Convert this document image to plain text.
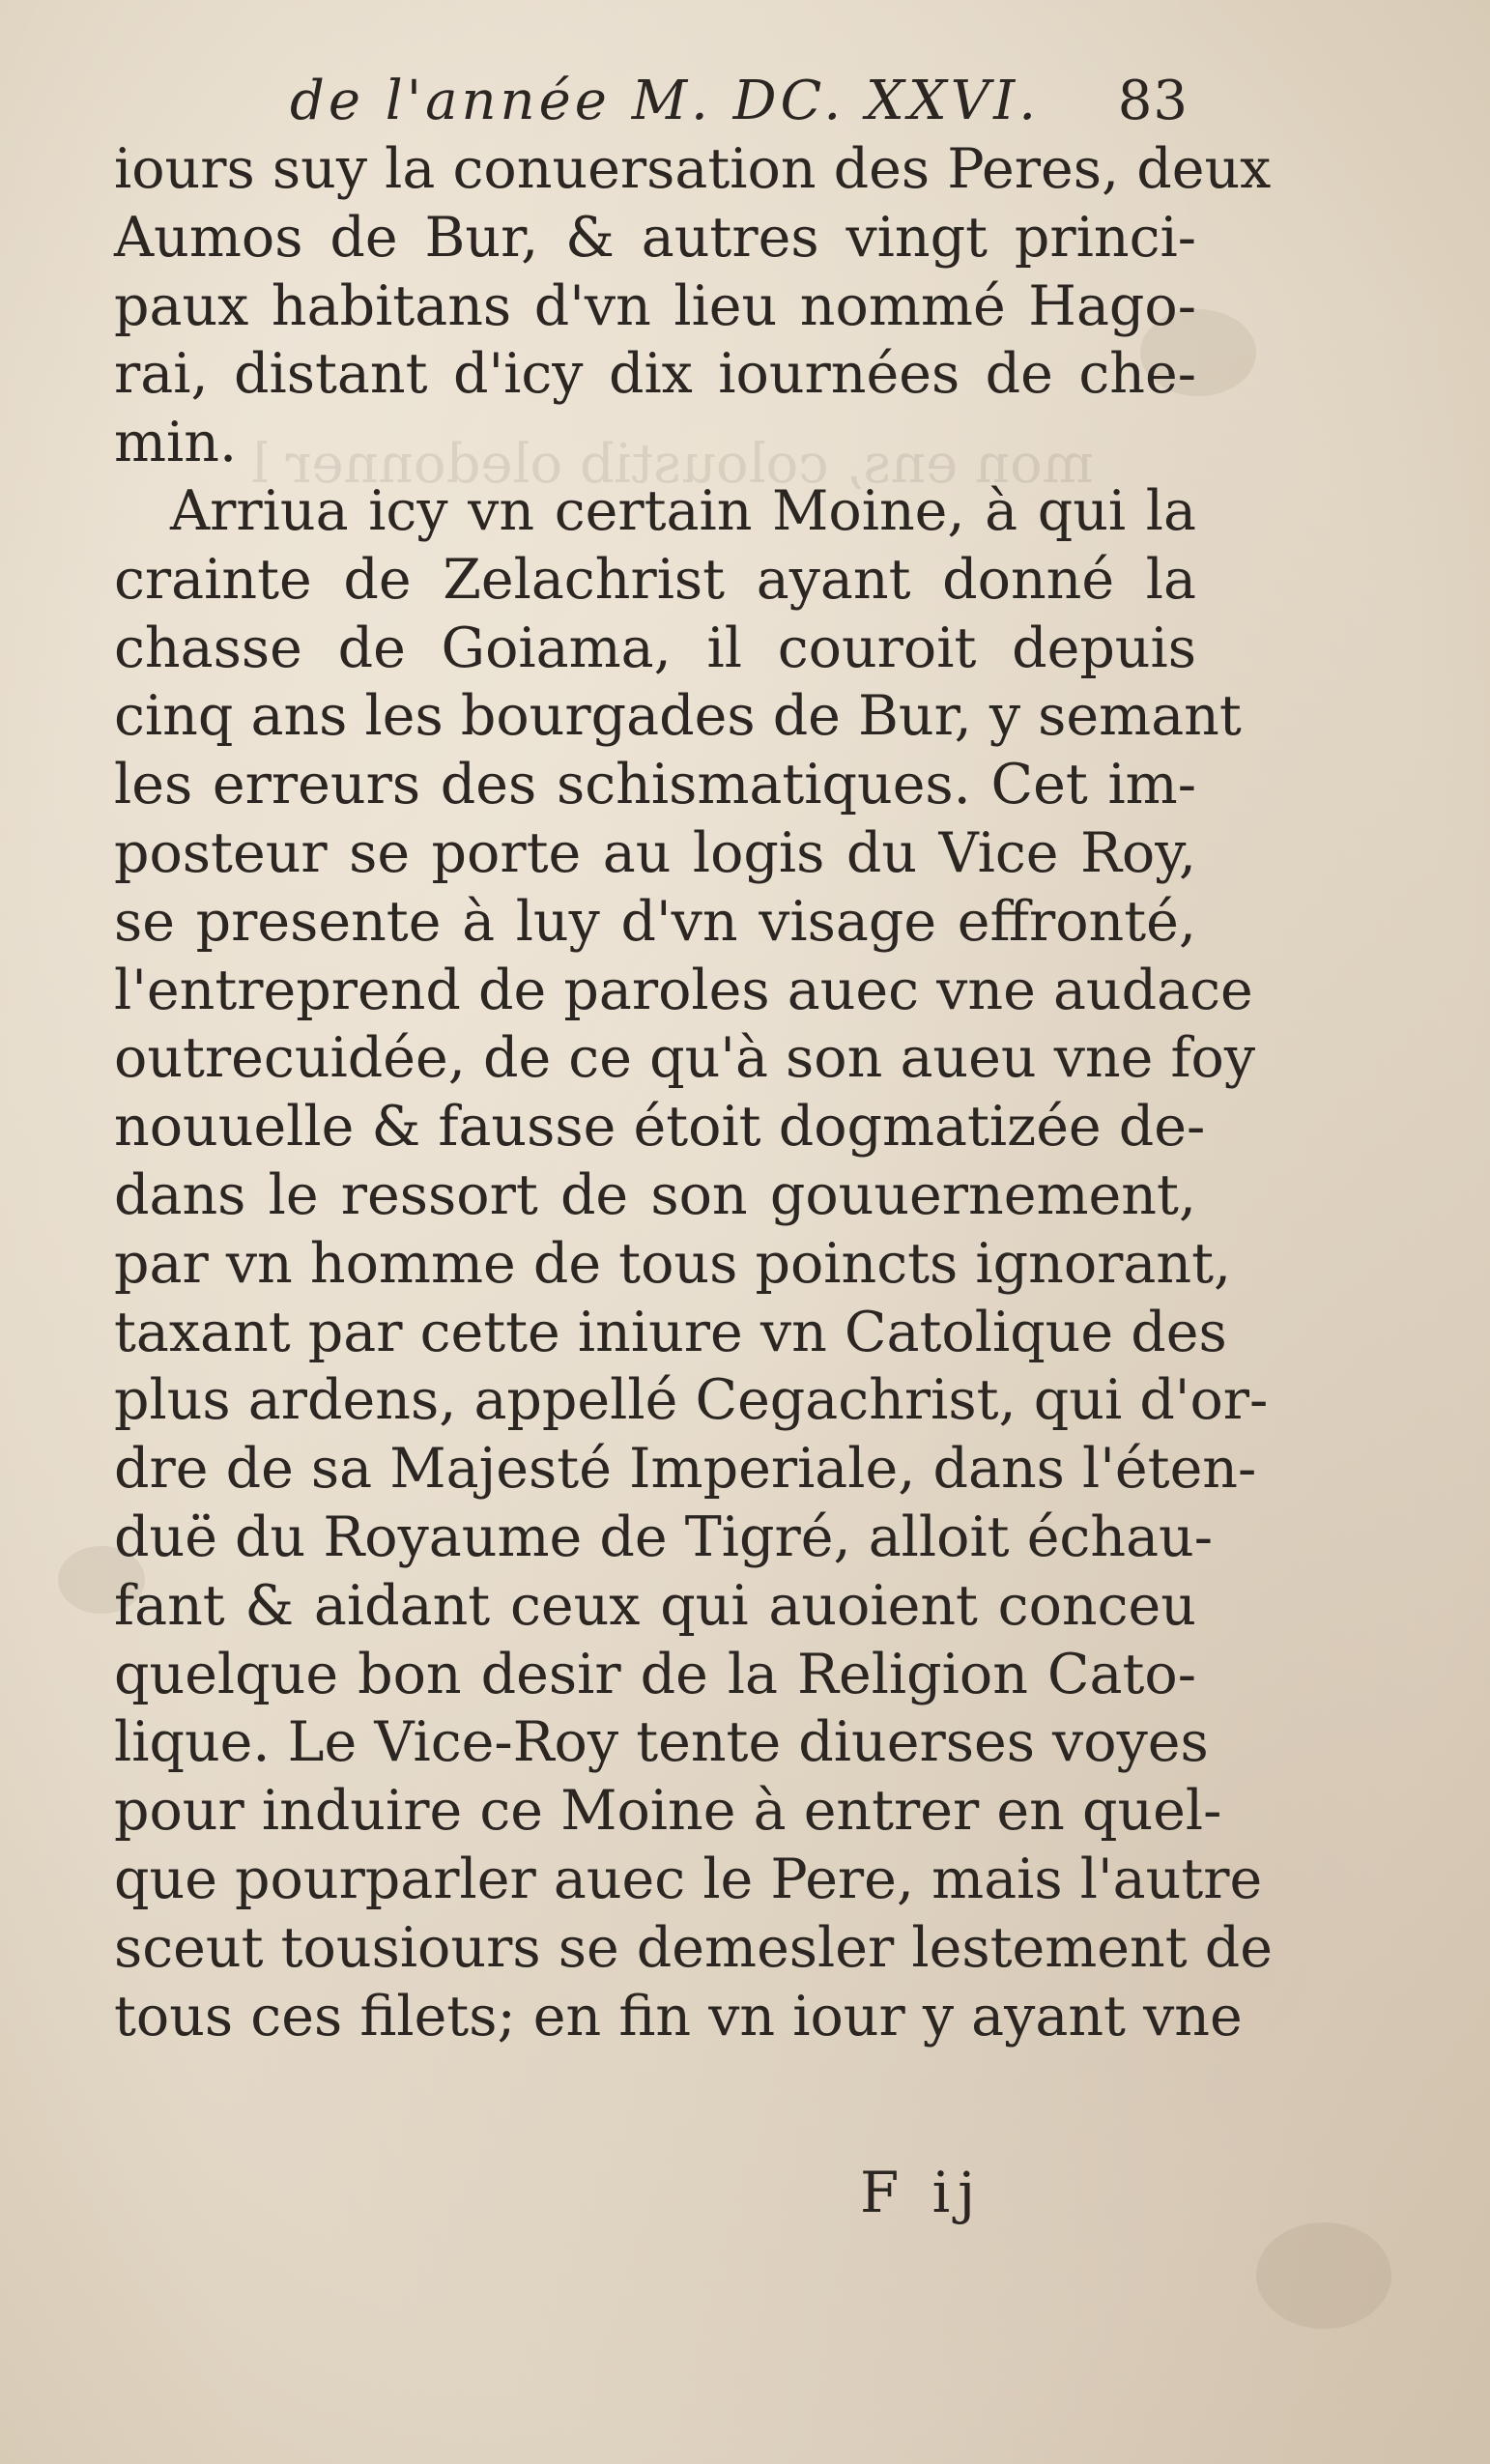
mon ens, coloustib oledonner l
de l'année M. DC. XXVI. 83
iours suy la conuersation des Peres, deux
Aumos de Bur, & autres vingt princi-
paux habitans d'vn lieu nommé Hago-
rai, distant d'icy dix iournées de che-
min.
Arriua icy vn certain Moine, à qui la
crainte de Zelachrist ayant donné la
chasse de Goiama, il couroit depuis
cinq ans les bourgades de Bur, y semant
les erreurs des schismatiques. Cet im-
posteur se porte au logis du Vice Roy,
se presente à luy d'vn visage effronté,
l'entreprend de paroles auec vne audace
outrecuidée, de ce qu'à son aueu vne foy
nouuelle & fausse étoit dogmatizée de-
dans le ressort de son gouuernement,
par vn homme de tous poincts ignorant,
taxant par cette iniure vn Catolique des
plus ardens, appellé Cegachrist, qui d'or-
dre de sa Majesté Imperiale, dans l'éten-
duë du Royaume de Tigré, alloit échau-
fant & aidant ceux qui auoient conceu
quelque bon desir de la Religion Cato-
lique. Le Vice-Roy tente diuerses voyes
pour induire ce Moine à entrer en quel-
que pourparler auec le Pere, mais l'autre
sceut tousiours se demesler lestement de
tous ces filets; en fin vn iour y ayant vne
F ij
